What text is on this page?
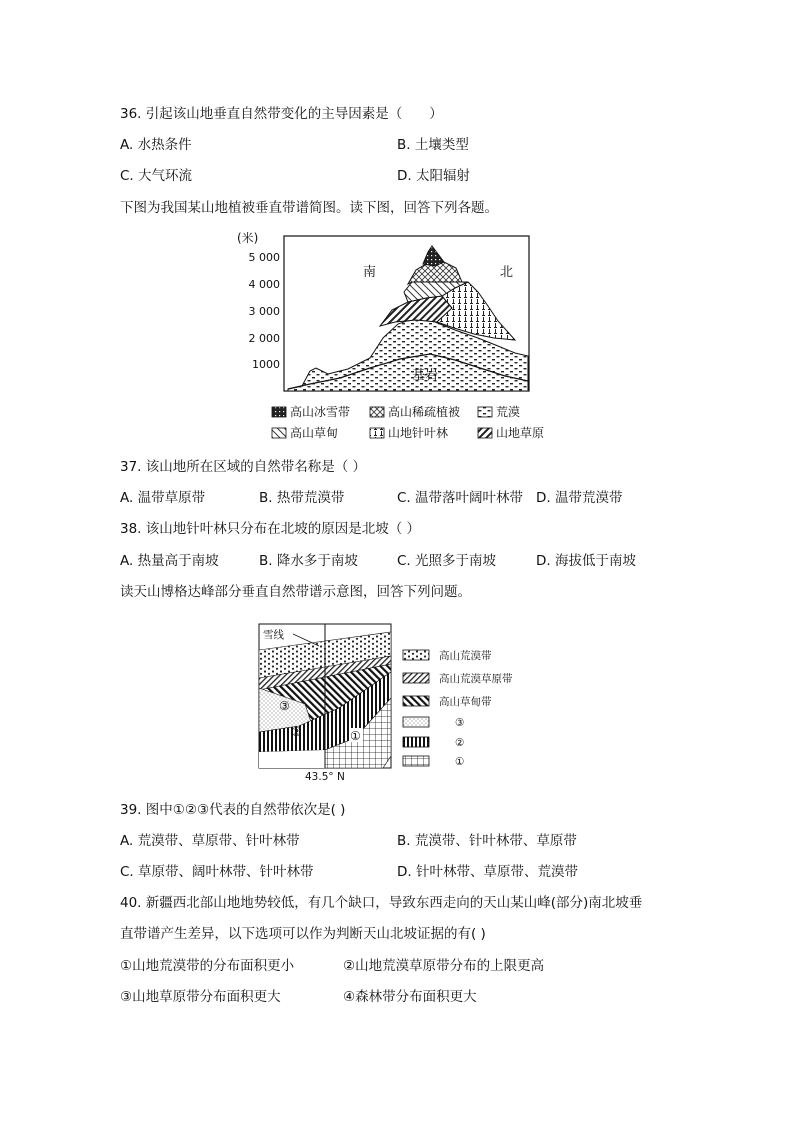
36. 引起该山地垂直自然带变化的主导因素是（　　）
A. 水热条件	B. 土壤类型
C. 大气环流	D. 太阳辐射
下图为我国某山地植被垂直带谱简图。读下图，回答下列各题。
(米)
5 000
4 000
3 000
2 000
1000
南	北
基岩
高山冰雪带	高山稀疏植被	荒漠
高山草甸	山地针叶林	山地草原
37. 该山地所在区域的自然带名称是（ ）
A. 温带草原带	B. 热带荒漠带	C. 温带落叶阔叶林带 D. 温带荒漠带
38. 该山地针叶林只分布在北坡的原因是北坡（ ）
A. 热量高于南坡	B. 降水多于南坡	C. 光照多于南坡	D. 海拔低于南坡
读天山博格达峰部分垂直自然带谱示意图，回答下列问题。
雪线
③
②	①
43.5° N
高山荒漠带
高山荒漠草原带
高山草甸带
③
②
①
39. 图中①②③代表的自然带依次是( )
A. 荒漠带、草原带、针叶林带	B. 荒漠带、针叶林带、草原带
C. 草原带、阔叶林带、针叶林带	D. 针叶林带、草原带、荒漠带
40. 新疆西北部山地地势较低，有几个缺口，导致东西走向的天山某山峰(部分)南北坡垂
直带谱产生差异，以下选项可以作为判断天山北坡证据的有( )
①山地荒漠带的分布面积更小	②山地荒漠草原带分布的上限更高
③山地草原带分布面积更大	④森林带分布面积更大
